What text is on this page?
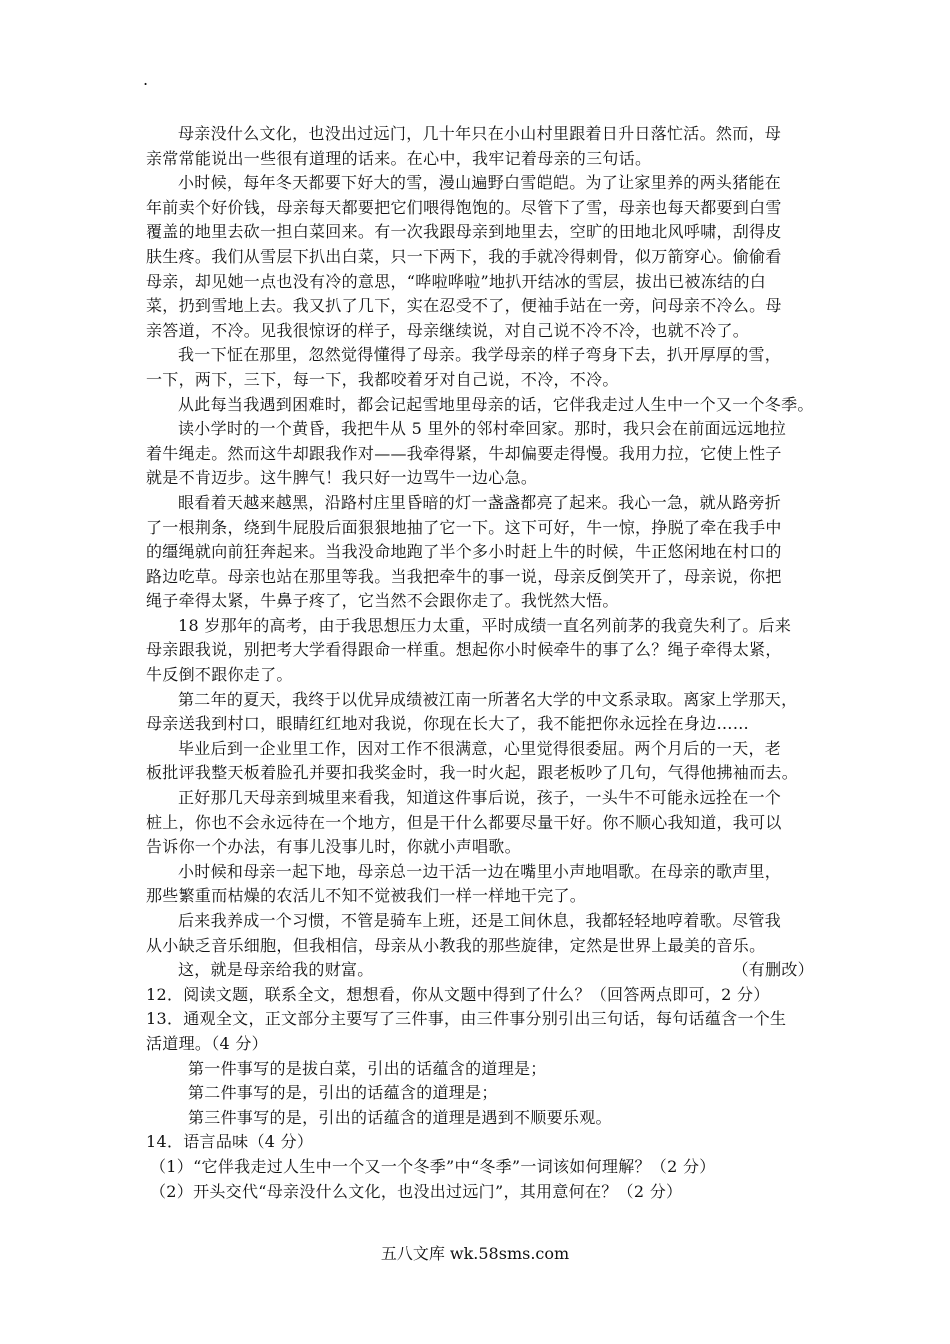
.
母亲没什么文化，也没出过远门，几十年只在小山村里跟着日升日落忙活。然而，母
亲常常能说出一些很有道理的话来。在心中，我牢记着母亲的三句话。
小时候，每年冬天都要下好大的雪，漫山遍野白雪皑皑。为了让家里养的两头猪能在
年前卖个好价钱，母亲每天都要把它们喂得饱饱的。尽管下了雪，母亲也每天都要到白雪
覆盖的地里去砍一担白菜回来。有一次我跟母亲到地里去，空旷的田地北风呼啸，刮得皮
肤生疼。我们从雪层下扒出白菜，只一下两下，我的手就冷得刺骨，似万箭穿心。偷偷看
母亲，却见她一点也没有冷的意思，“哗啦哗啦”地扒开结冰的雪层，拔出已被冻结的白
菜，扔到雪地上去。我又扒了几下，实在忍受不了，便袖手站在一旁，问母亲不冷么。母
亲答道，不冷。见我很惊讶的样子，母亲继续说，对自己说不冷不冷，也就不冷了。
我一下怔在那里，忽然觉得懂得了母亲。我学母亲的样子弯身下去，扒开厚厚的雪，
一下，两下，三下，每一下，我都咬着牙对自己说，不冷，不冷。
从此每当我遇到困难时，都会记起雪地里母亲的话，它伴我走过人生中一个又一个冬季。
读小学时的一个黄昏，我把牛从 5 里外的邻村牵回家。那时，我只会在前面远远地拉
着牛绳走。然而这牛却跟我作对——我牵得紧，牛却偏要走得慢。我用力拉，它使上性子
就是不肯迈步。这牛脾气！我只好一边骂牛一边心急。
眼看着天越来越黑，沿路村庄里昏暗的灯一盏盏都亮了起来。我心一急，就从路旁折
了一根荆条，绕到牛屁股后面狠狠地抽了它一下。这下可好，牛一惊，挣脱了牵在我手中
的缰绳就向前狂奔起来。当我没命地跑了半个多小时赶上牛的时候，牛正悠闲地在村口的
路边吃草。母亲也站在那里等我。当我把牵牛的事一说，母亲反倒笑开了，母亲说，你把
绳子牵得太紧，牛鼻子疼了，它当然不会跟你走了。我恍然大悟。
18 岁那年的高考，由于我思想压力太重，平时成绩一直名列前茅的我竟失利了。后来
母亲跟我说，别把考大学看得跟命一样重。想起你小时候牵牛的事了么？绳子牵得太紧，
牛反倒不跟你走了。
第二年的夏天，我终于以优异成绩被江南一所著名大学的中文系录取。离家上学那天，
母亲送我到村口，眼睛红红地对我说，你现在长大了，我不能把你永远拴在身边……
毕业后到一企业里工作，因对工作不很满意，心里觉得很委屈。两个月后的一天，老
板批评我整天板着脸孔并要扣我奖金时，我一时火起，跟老板吵了几句，气得他拂袖而去。
正好那几天母亲到城里来看我，知道这件事后说，孩子，一头牛不可能永远拴在一个
桩上，你也不会永远待在一个地方，但是干什么都要尽量干好。你不顺心我知道，我可以
告诉你一个办法，有事儿没事儿时，你就小声唱歌。
小时候和母亲一起下地，母亲总一边干活一边在嘴里小声地唱歌。在母亲的歌声里，
那些繁重而枯燥的农活儿不知不觉被我们一样一样地干完了。
后来我养成一个习惯，不管是骑车上班，还是工间休息，我都轻轻地哼着歌。尽管我
从小缺乏音乐细胞，但我相信，母亲从小教我的那些旋律，定然是世界上最美的音乐。
这，就是母亲给我的财富。	（有删改）
12．阅读文题，联系全文，想想看，你从文题中得到了什么？（回答两点即可，2 分）
13．通观全文，正文部分主要写了三件事，由三件事分别引出三句话，每句话蕴含一个生
活道理。（4 分）
第一件事写的是拔白菜，引出的话蕴含的道理是；
第二件事写的是，引出的话蕴含的道理是；
第三件事写的是，引出的话蕴含的道理是遇到不顺要乐观。
14．语言品味（4 分）
（1）“它伴我走过人生中一个又一个冬季”中“冬季”一词该如何理解？（2 分）
（2）开头交代“母亲没什么文化，也没出过远门”，其用意何在？（2 分）
五八文库 wk.58sms.com
